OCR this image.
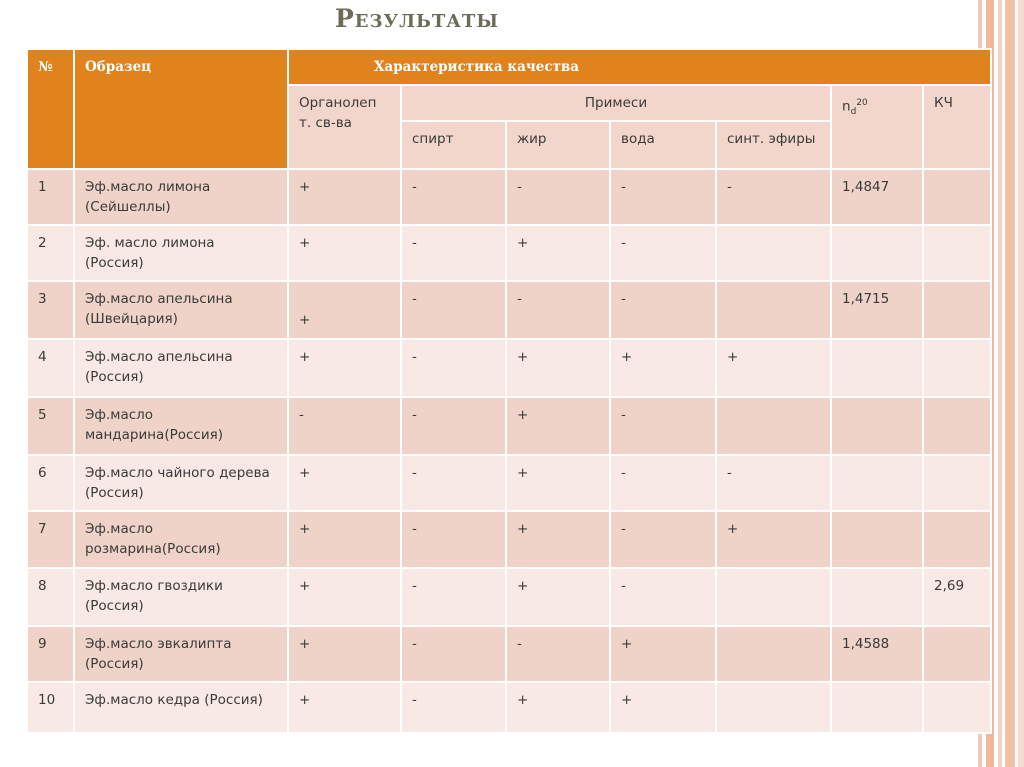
Результаты
№	Образец	Характеристика качества						
		Органолеп т. св-ва	Примеси				$n_d^{20}$	КЧ
			спирт	жир	вода	синт. эфиры		
1	Эф.масло лимона (Сейшеллы)	+	-	-	-	-	1,4847	
2	Эф. масло лимона (Россия)	+	-	+	-			
3	Эф.масло апельсина (Швейцария)	+	-	-	-		1,4715	
4	Эф.масло апельсина (Россия)	+	-	+	+	+		
5	Эф.масло мандарина(Россия)	-	-	+	-			
6	Эф.масло чайного дерева (Россия)	+	-	+	-	-		
7	Эф.масло розмарина(Россия)	+	-	+	-	+		
8	Эф.масло гвоздики (Россия)	+	-	+	-			2,69
9	Эф.масло эвкалипта (Россия)	+	-	-	+		1,4588	
10	Эф.масло кедра (Россия)	+	-	+	+			
